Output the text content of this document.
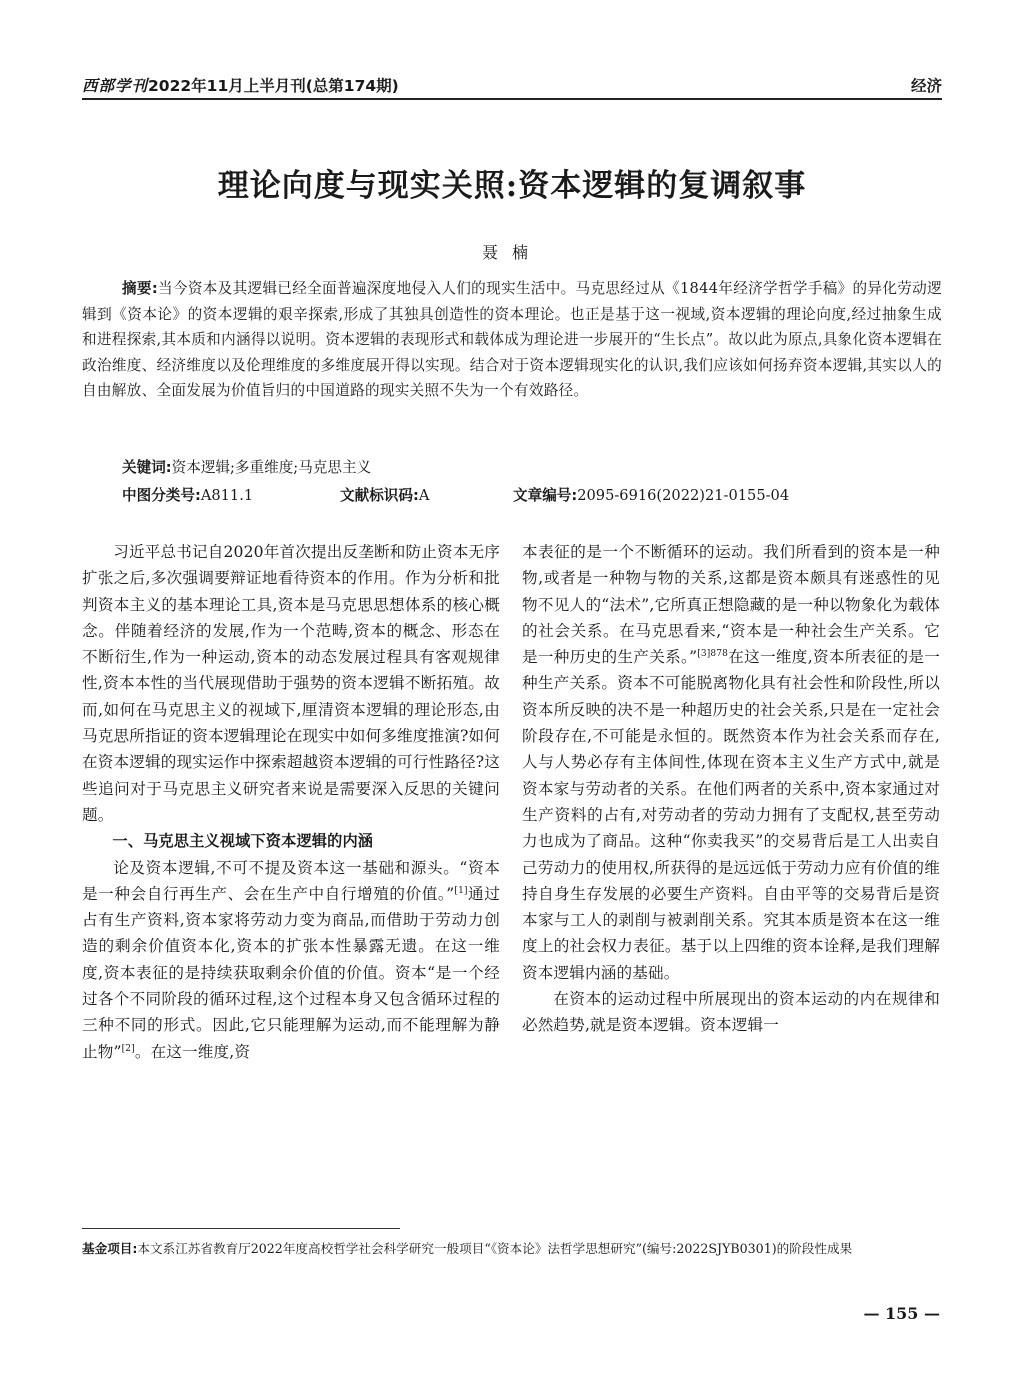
西部学刊2022年11月上半月刊(总第174期)	经济
理论向度与现实关照:资本逻辑的复调叙事
聂楠
摘要:当今资本及其逻辑已经全面普遍深度地侵入人们的现实生活中。马克思经过从《1844年经济学哲学手稿》的异化劳动逻辑到《资本论》的资本逻辑的艰辛探索,形成了其独具创造性的资本理论。也正是基于这一视域,资本逻辑的理论向度,经过抽象生成和进程探索,其本质和内涵得以说明。资本逻辑的表现形式和载体成为理论进一步展开的“生长点”。故以此为原点,具象化资本逻辑在政治维度、经济维度以及伦理维度的多维度展开得以实现。结合对于资本逻辑现实化的认识,我们应该如何扬弃资本逻辑,其实以人的自由解放、全面发展为价值旨归的中国道路的现实关照不失为一个有效路径。
关键词:资本逻辑;多重维度;马克思主义
中图分类号:A811.1	文献标识码:A	文章编号:2095-6916(2022)21-0155-04

习近平总书记自2020年首次提出反垄断和防止资本无序扩张之后,多次强调要辩证地看待资本的作用。作为分析和批判资本主义的基本理论工具,资本是马克思思想体系的核心概念。伴随着经济的发展,作为一个范畴,资本的概念、形态在不断衍生,作为一种运动,资本的动态发展过程具有客观规律性,资本本性的当代展现借助于强势的资本逻辑不断拓殖。故而,如何在马克思主义的视域下,厘清资本逻辑的理论形态,由马克思所指证的资本逻辑理论在现实中如何多维度推演?如何在资本逻辑的现实运作中探索超越资本逻辑的可行性路径?这些追问对于马克思主义研究者来说是需要深入反思的关键问题。

一、马克思主义视域下资本逻辑的内涵

论及资本逻辑,不可不提及资本这一基础和源头。“资本是一种会自行再生产、会在生产中自行增殖的价值。”[1]通过占有生产资料,资本家将劳动力变为商品,而借助于劳动力创造的剩余价值资本化,资本的扩张本性暴露无遗。在这一维度,资本表征的是持续获取剩余价值的价值。资本“是一个经过各个不同阶段的循环过程,这个过程本身又包含循环过程的三种不同的形式。因此,它只能理解为运动,而不能理解为静止物”[2]。在这一维度,资

本表征的是一个不断循环的运动。我们所看到的资本是一种物,或者是一种物与物的关系,这都是资本颇具有迷惑性的见物不见人的“法术”,它所真正想隐藏的是一种以物象化为载体的社会关系。在马克思看来,“资本是一种社会生产关系。它是一种历史的生产关系。”$^{[3]878}$在这一维度,资本所表征的是一种生产关系。资本不可能脱离物化具有社会性和阶段性,所以资本所反映的决不是一种超历史的社会关系,只是在一定社会阶段存在,不可能是永恒的。既然资本作为社会关系而存在,人与人势必存有主体间性,体现在资本主义生产方式中,就是资本家与劳动者的关系。在他们两者的关系中,资本家通过对生产资料的占有,对劳动者的劳动力拥有了支配权,甚至劳动力也成为了商品。这种“你卖我买”的交易背后是工人出卖自己劳动力的使用权,所获得的是远远低于劳动力应有价值的维持自身生存发展的必要生产资料。自由平等的交易背后是资本家与工人的剥削与被剥削关系。究其本质是资本在这一维度上的社会权力表征。基于以上四维的资本诠释,是我们理解资本逻辑内涵的基础。

在资本的运动过程中所展现出的资本运动的内在规律和必然趋势,就是资本逻辑。资本逻辑一

基金项目:本文系江苏省教育厅2022年度高校哲学社会科学研究一般项目“《资本论》法哲学思想研究”(编号:2022SJYB0301)的阶段性成果
— 155 —
